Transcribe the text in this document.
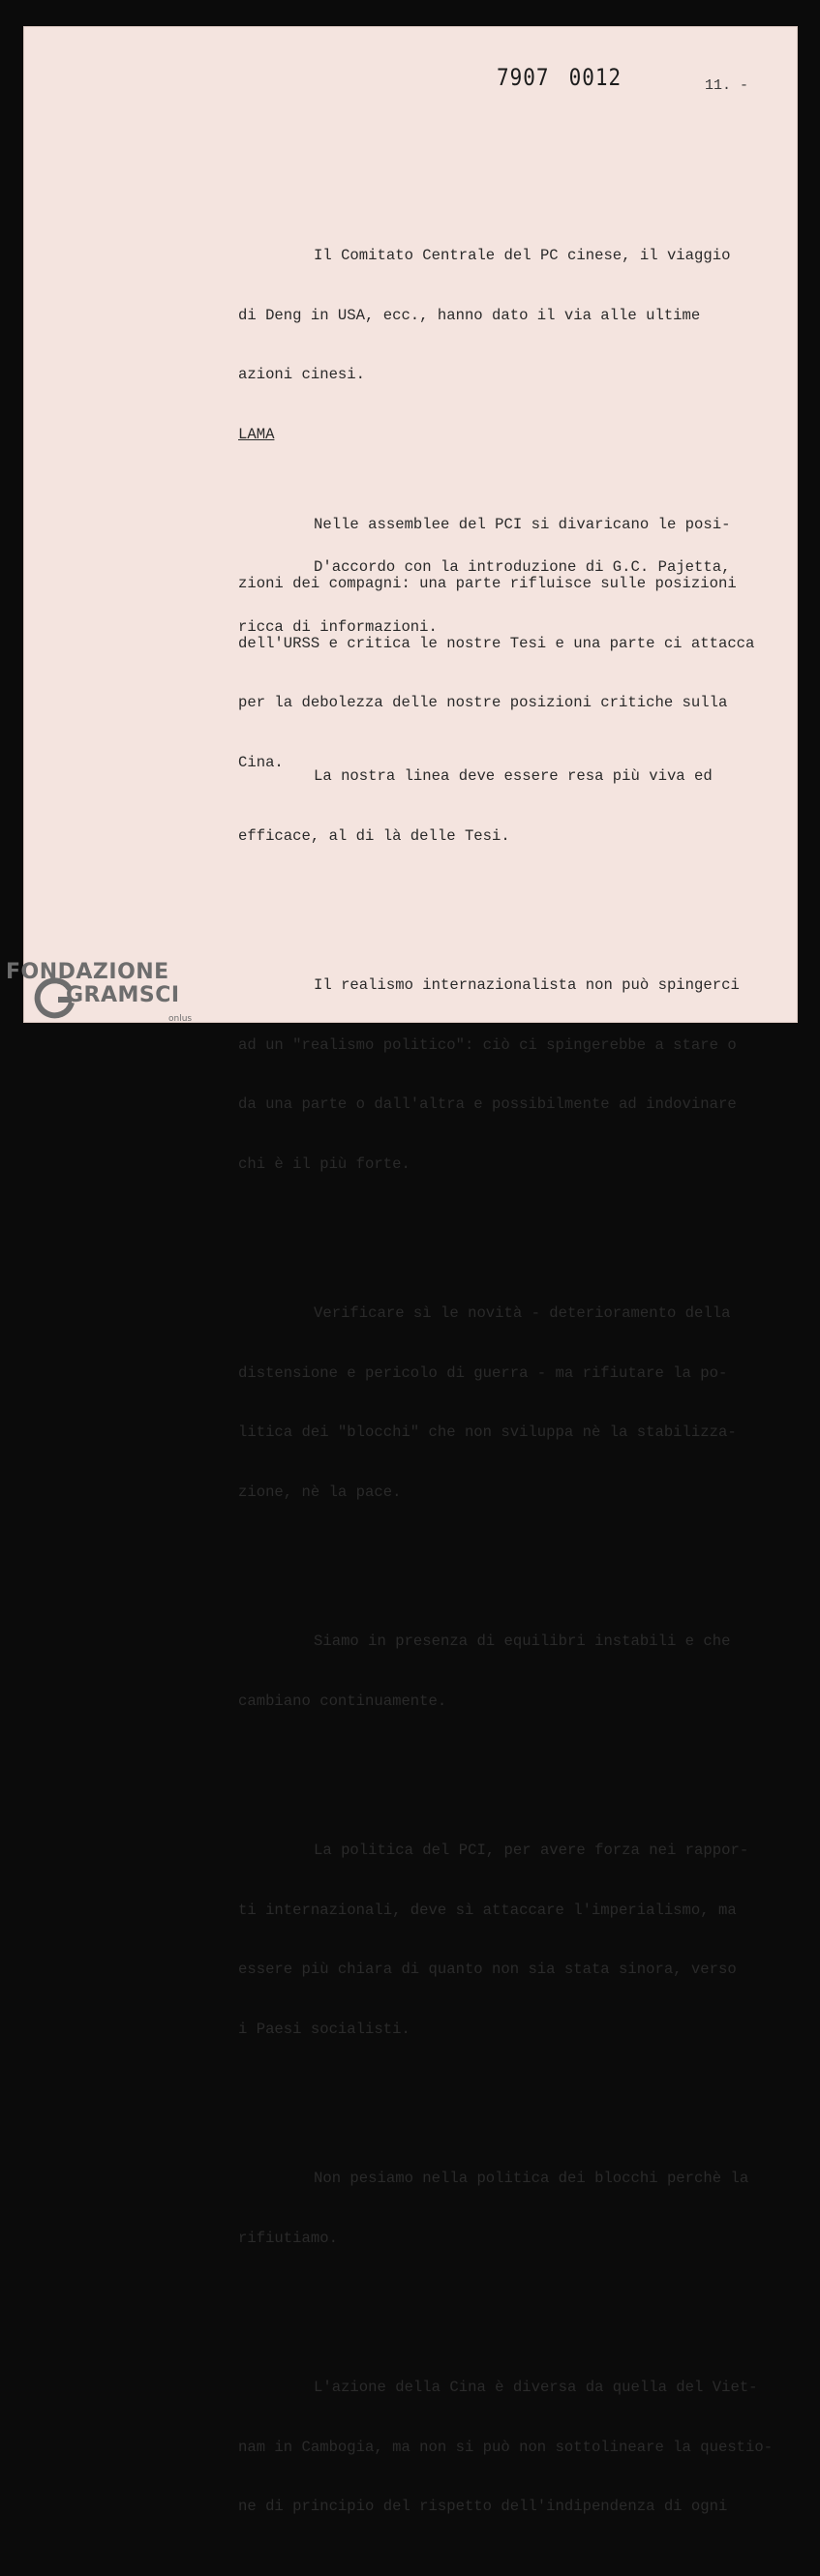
7907 0012	11. -

Il Comitato Centrale del PC cinese, il viaggio

di Deng in USA, ecc., hanno dato il via alle ultime

azioni cinesi.

Nelle assemblee del PCI si divaricano le posi-

zioni dei compagni: una parte rifluisce sulle posizioni

dell'URSS e critica le nostre Tesi e una parte ci attacca

per la debolezza delle nostre posizioni critiche sulla

Cina.

LAMA

D'accordo con la introduzione di G.C. Pajetta,

ricca di informazioni.

La nostra linea deve essere resa più viva ed

efficace, al di là delle Tesi.

Il realismo internazionalista non può spingerci

ad un "realismo politico": ciò ci spingerebbe a stare o

da una parte o dall'altra e possibilmente ad indovinare

chi è il più forte.

Verificare sì le novità - deterioramento della

distensione e pericolo di guerra - ma rifiutare la po-

litica dei "blocchi" che non sviluppa nè la stabilizza-

zione, nè la pace.

Siamo in presenza di equilibri instabili e che

cambiano continuamente.

La politica del PCI, per avere forza nei rappor-

ti internazionali, deve sì attaccare l'imperialismo, ma

essere più chiara di quanto non sia stata sinora, verso

i Paesi socialisti.

Non pesiamo nella politica dei blocchi perchè la

rifiutiamo.

L'azione della Cina è diversa da quella del Viet-

nam in Cambogia, ma non si può non sottolineare la questio-

ne di principio del rispetto dell'indipendenza di ogni

FONDAZIONE
GRAMSCI
onlus
